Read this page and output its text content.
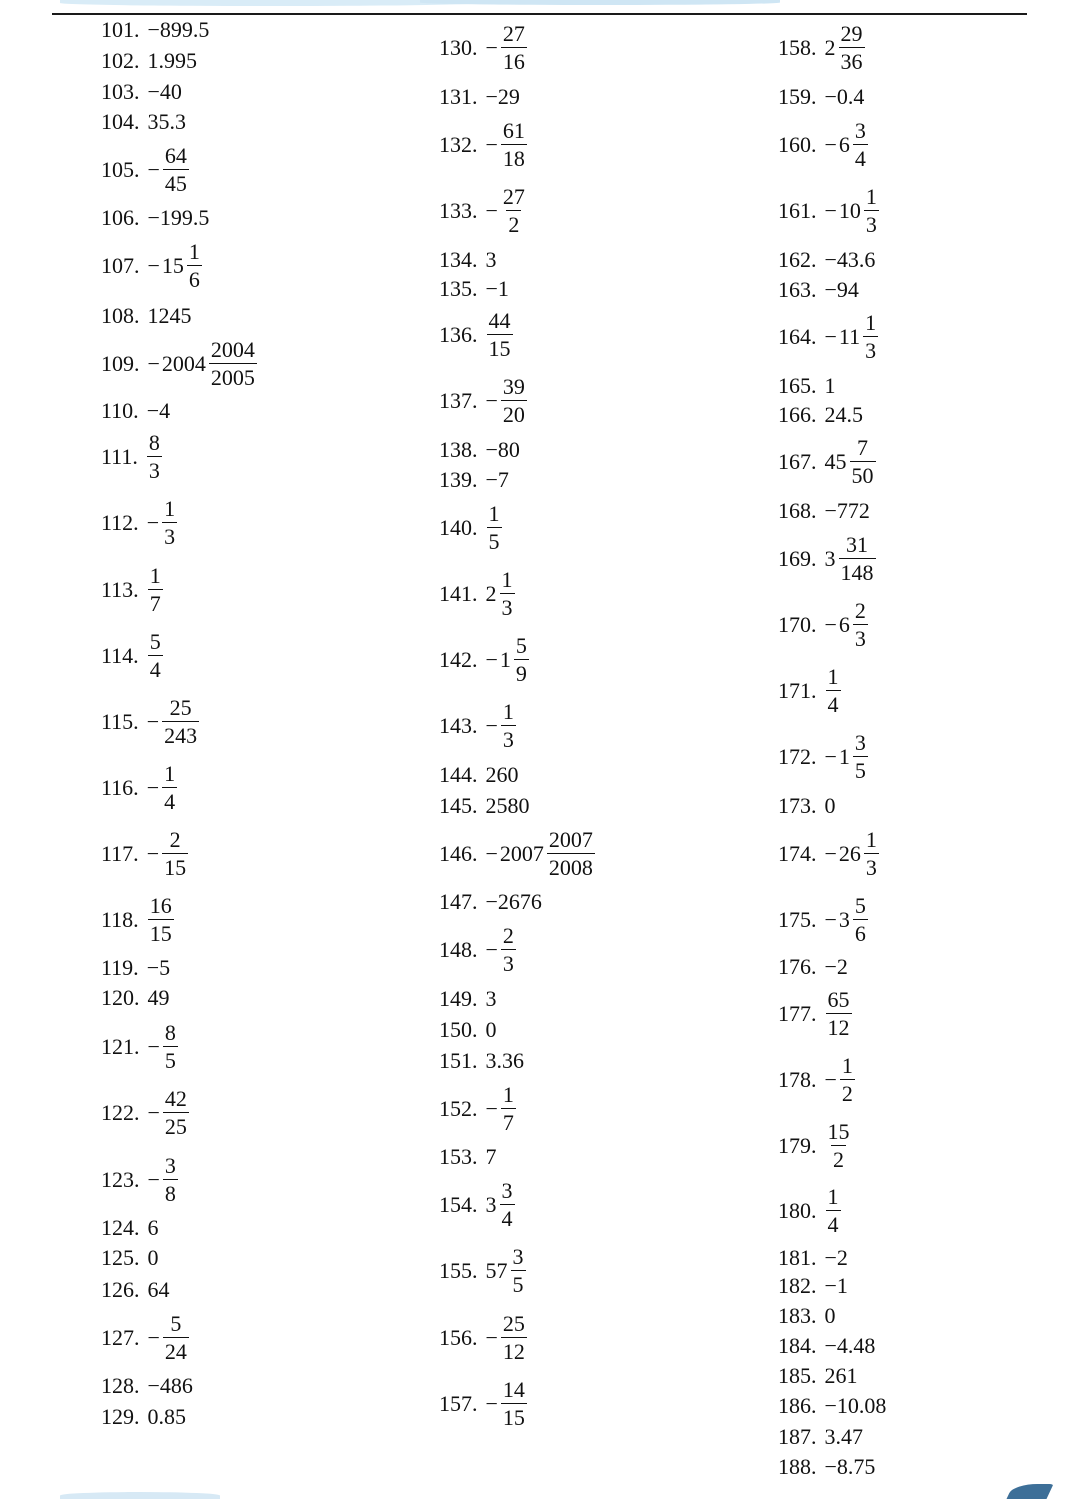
101. −899.5
102. 1.995
103. −40
104. 35.3
105. − $\frac{64}{45}$
106. −199.5
107. − $15 \frac{1}{6}$
108. 1245
109. − $2004 \frac{2004}{2005}$
110. −4
111. $\frac{8}{3}$
112. − $\frac{1}{3}$
113. $\frac{1}{7}$
114. $\frac{5}{4}$
115. − $\frac{25}{243}$
116. − $\frac{1}{4}$
117. − $\frac{2}{15}$
118. $\frac{16}{15}$
119. −5
120. 49
121. − $\frac{8}{5}$
122. − $\frac{42}{25}$
123. − $\frac{3}{8}$
124. 6
125. 0
126. 64
127. − $\frac{5}{24}$
128. −486
129. 0.85
130. − $\frac{27}{16}$
131. −29
132. − $\frac{61}{18}$
133. − $\frac{27}{2}$
134. 3
135. −1
136. $\frac{44}{15}$
137. − $\frac{39}{20}$
138. −80
139. −7
140. $\frac{1}{5}$
141. $2 \frac{1}{3}$
142. − $1 \frac{5}{9}$
143. − $\frac{1}{3}$
144. 260
145. 2580
146. − $2007 \frac{2007}{2008}$
147. −2676
148. − $\frac{2}{3}$
149. 3
150. 0
151. 3.36
152. − $\frac{1}{7}$
153. 7
154. $3 \frac{3}{4}$
155. $57 \frac{3}{5}$
156. − $\frac{25}{12}$
157. − $\frac{14}{15}$
158. $2 \frac{29}{36}$
159. −0.4
160. − $6 \frac{3}{4}$
161. − $10 \frac{1}{3}$
162. −43.6
163. −94
164. − $11 \frac{1}{3}$
165. 1
166. 24.5
167. $45 \frac{7}{50}$
168. −772
169. $3 \frac{31}{148}$
170. − $6 \frac{2}{3}$
171. $\frac{1}{4}$
172. − $1 \frac{3}{5}$
173. 0
174. − $26 \frac{1}{3}$
175. − $3 \frac{5}{6}$
176. −2
177. $\frac{65}{12}$
178. − $\frac{1}{2}$
179. $\frac{15}{2}$
180. $\frac{1}{4}$
181. −2
182. −1
183. 0
184. −4.48
185. 261
186. −10.08
187. 3.47
188. −8.75
